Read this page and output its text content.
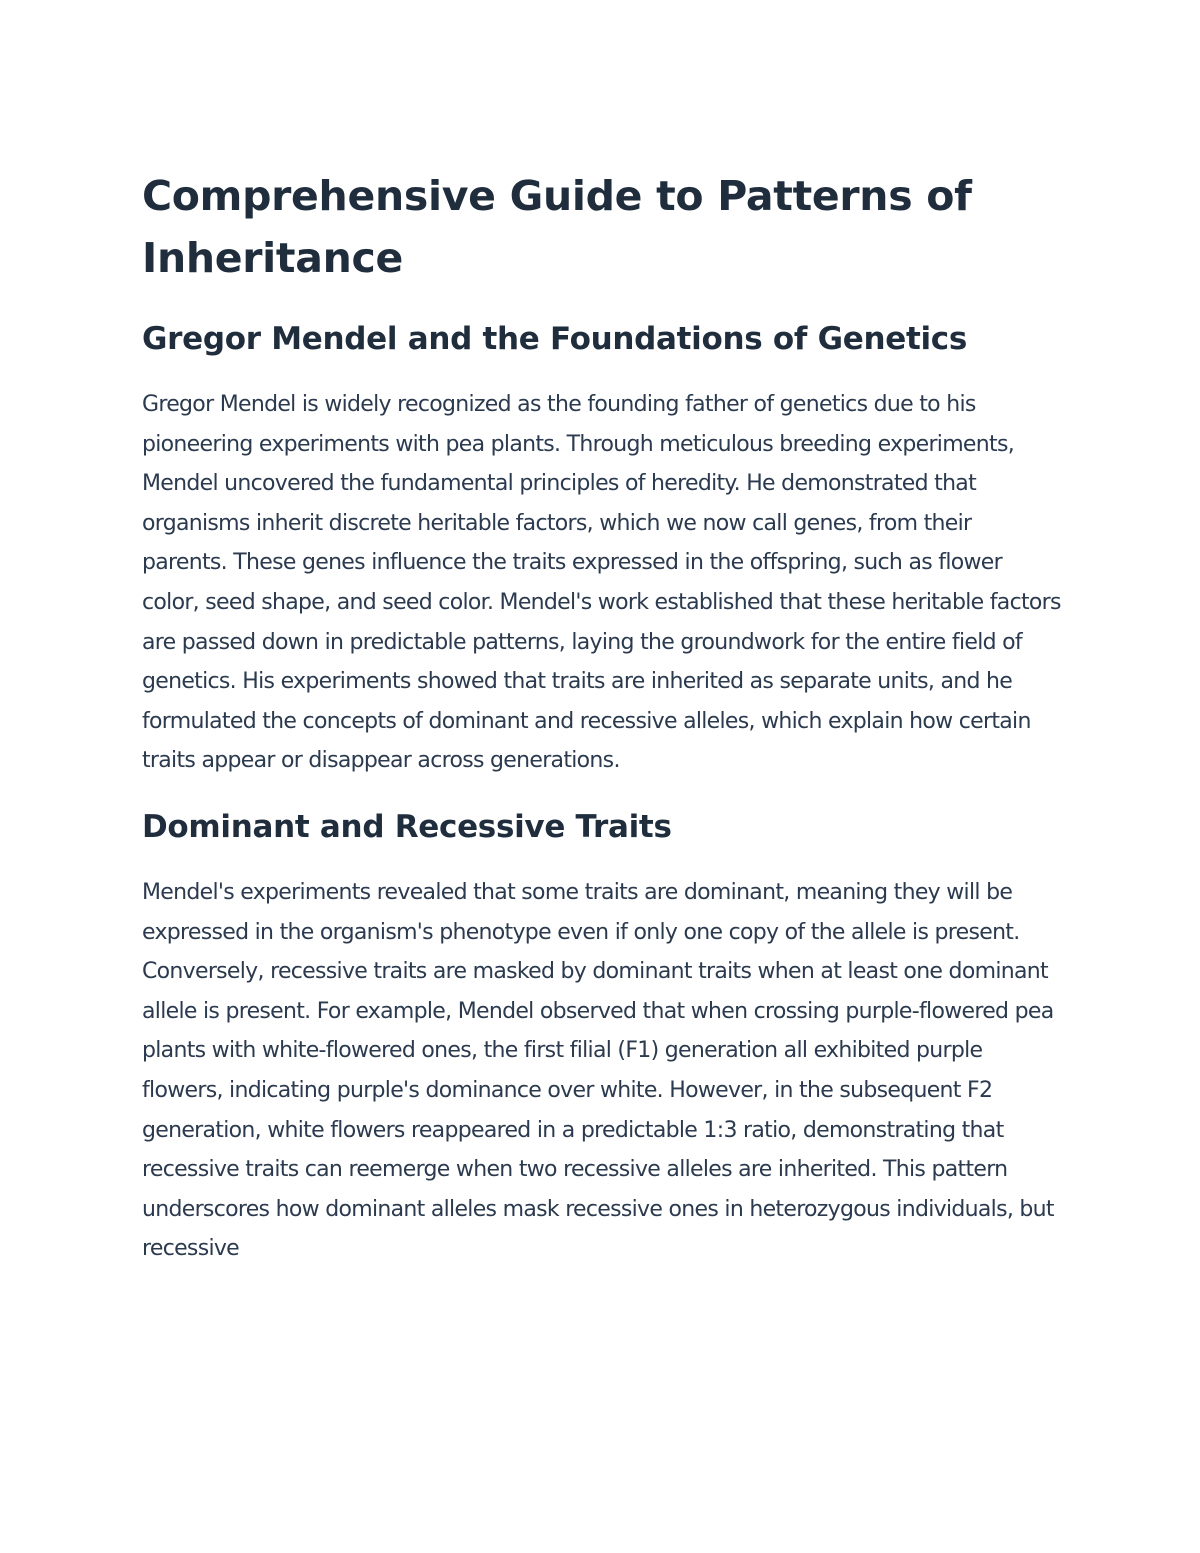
Comprehensive Guide to Patterns of Inheritance
Gregor Mendel and the Foundations of Genetics

Gregor Mendel is widely recognized as the founding father of genetics due to his pioneering experiments with pea plants. Through meticulous breeding experiments, Mendel uncovered the fundamental principles of heredity. He demonstrated that organisms inherit discrete heritable factors, which we now call genes, from their parents. These genes influence the traits expressed in the offspring, such as flower color, seed shape, and seed color. Mendel's work established that these heritable factors are passed down in predictable patterns, laying the groundwork for the entire field of genetics. His experiments showed that traits are inherited as separate units, and he formulated the concepts of dominant and recessive alleles, which explain how certain traits appear or disappear across generations.

Dominant and Recessive Traits

Mendel's experiments revealed that some traits are dominant, meaning they will be expressed in the organism's phenotype even if only one copy of the allele is present. Conversely, recessive traits are masked by dominant traits when at least one dominant allele is present. For example, Mendel observed that when crossing purple-flowered pea plants with white-flowered ones, the first filial (F1) generation all exhibited purple flowers, indicating purple's dominance over white. However, in the subsequent F2 generation, white flowers reappeared in a predictable 1:3 ratio, demonstrating that recessive traits can reemerge when two recessive alleles are inherited. This pattern underscores how dominant alleles mask recessive ones in heterozygous individuals, but recessive
